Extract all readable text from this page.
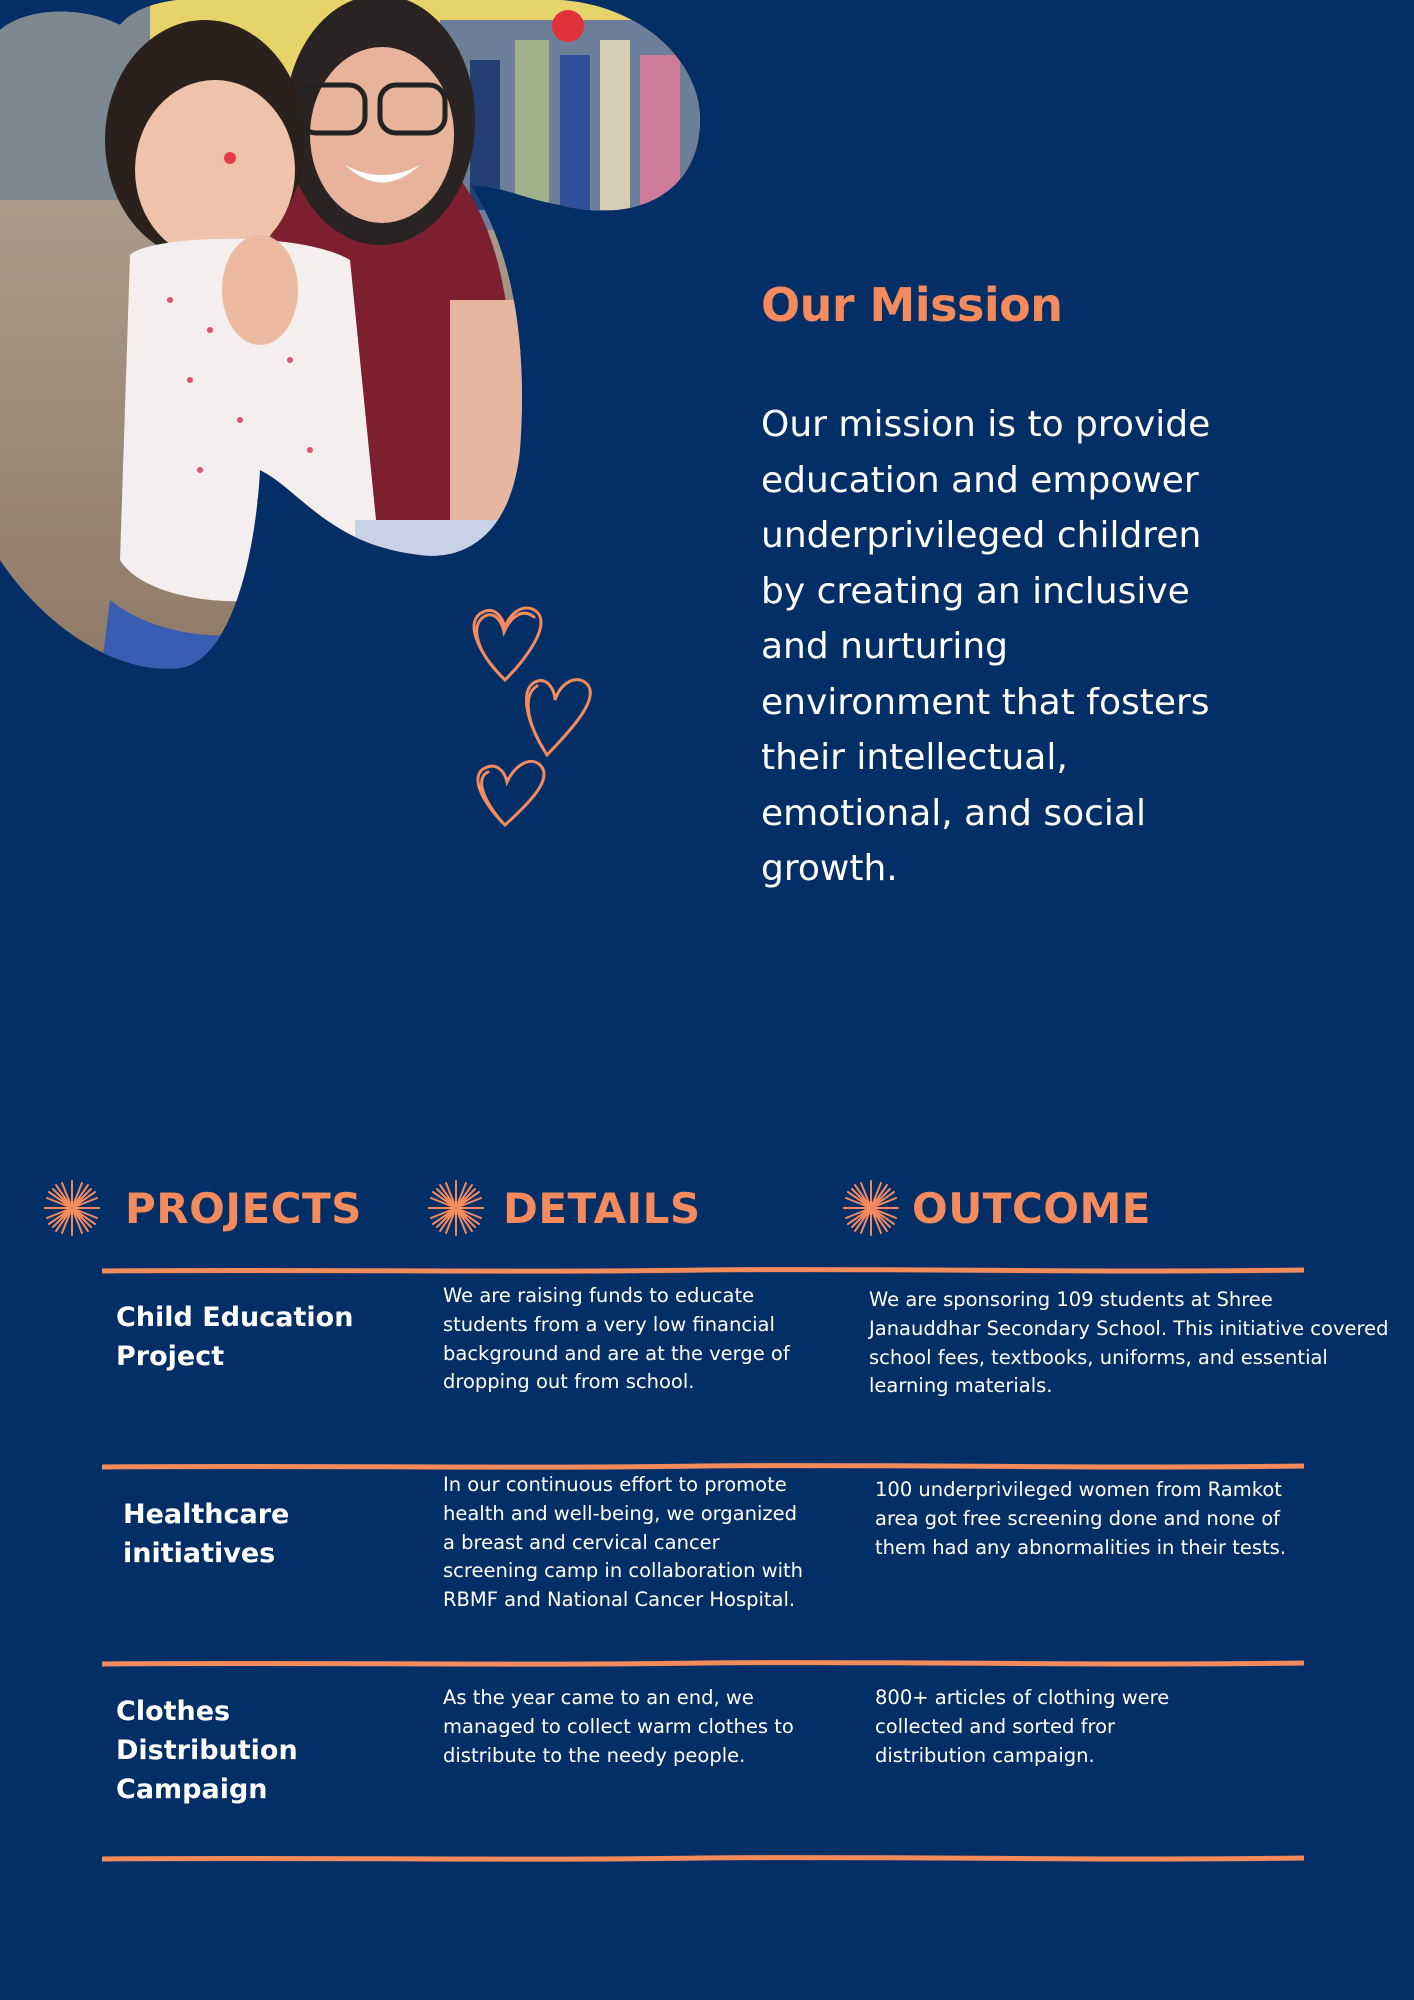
Our Mission

Our mission is to provide education and empower underprivileged children by creating an inclusive and nurturing environment that fosters their intellectual, emotional, and social growth.

PROJECTS	DETAILS	OUTCOME

Child Education Project

We are raising funds to educate students from a very low financial background and are at the verge of dropping out from school.

We are sponsoring 109 students at Shree Janauddhar Secondary School. This initiative covered school fees, textbooks, uniforms, and essential learning materials.

Healthcare initiatives

In our continuous effort to promote health and well-being, we organized a breast and cervical cancer screening camp in collaboration with RBMF and National Cancer Hospital.

100 underprivileged women from Ramkot area got free screening done and none of them had any abnormalities in their tests.

Clothes Distribution Campaign

As the year came to an end, we managed to collect warm clothes to distribute to the needy people.

800+ articles of clothing were collected and sorted fror distribution campaign.
